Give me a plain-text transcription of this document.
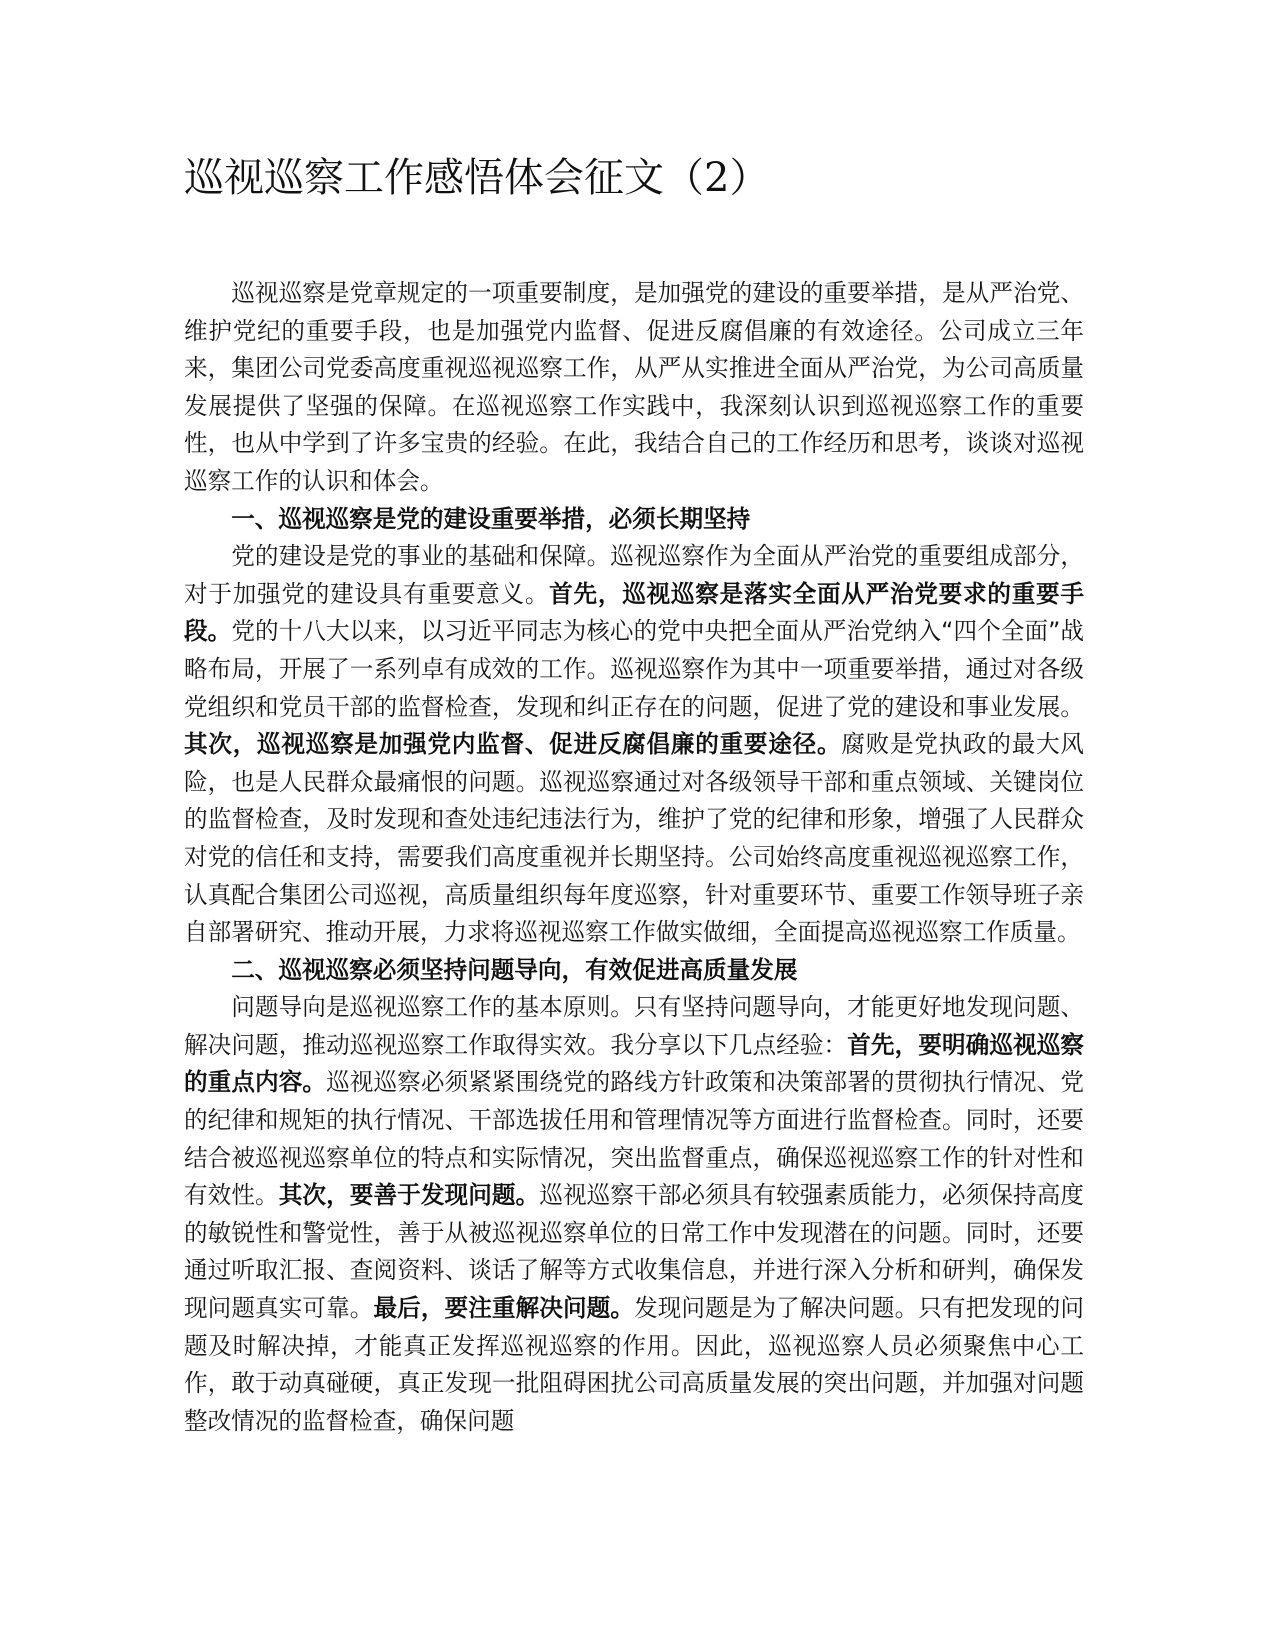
巡视巡察工作感悟体会征文（2）

巡视巡察是党章规定的一项重要制度，是加强党的建设的重要举措，是从严治党、维护党纪的重要手段，也是加强党内监督、促进反腐倡廉的有效途径。公司成立三年来，集团公司党委高度重视巡视巡察工作，从严从实推进全面从严治党，为公司高质量发展提供了坚强的保障。在巡视巡察工作实践中，我深刻认识到巡视巡察工作的重要性，也从中学到了许多宝贵的经验。在此，我结合自己的工作经历和思考，谈谈对巡视巡察工作的认识和体会。

一、巡视巡察是党的建设重要举措，必须长期坚持

党的建设是党的事业的基础和保障。巡视巡察作为全面从严治党的重要组成部分，对于加强党的建设具有重要意义。首先，巡视巡察是落实全面从严治党要求的重要手段。党的十八大以来，以习近平同志为核心的党中央把全面从严治党纳入“四个全面”战略布局，开展了一系列卓有成效的工作。巡视巡察作为其中一项重要举措，通过对各级党组织和党员干部的监督检查，发现和纠正存在的问题，促进了党的建设和事业发展。其次，巡视巡察是加强党内监督、促进反腐倡廉的重要途径。腐败是党执政的最大风险，也是人民群众最痛恨的问题。巡视巡察通过对各级领导干部和重点领域、关键岗位的监督检查，及时发现和查处违纪违法行为，维护了党的纪律和形象，增强了人民群众对党的信任和支持，需要我们高度重视并长期坚持。公司始终高度重视巡视巡察工作，认真配合集团公司巡视，高质量组织每年度巡察，针对重要环节、重要工作领导班子亲自部署研究、推动开展，力求将巡视巡察工作做实做细，全面提高巡视巡察工作质量。

二、巡视巡察必须坚持问题导向，有效促进高质量发展

问题导向是巡视巡察工作的基本原则。只有坚持问题导向，才能更好地发现问题、解决问题，推动巡视巡察工作取得实效。我分享以下几点经验：首先，要明确巡视巡察的重点内容。巡视巡察必须紧紧围绕党的路线方针政策和决策部署的贯彻执行情况、党的纪律和规矩的执行情况、干部选拔任用和管理情况等方面进行监督检查。同时，还要结合被巡视巡察单位的特点和实际情况，突出监督重点，确保巡视巡察工作的针对性和有效性。其次，要善于发现问题。巡视巡察干部必须具有较强素质能力，必须保持高度的敏锐性和警觉性，善于从被巡视巡察单位的日常工作中发现潜在的问题。同时，还要通过听取汇报、查阅资料、谈话了解等方式收集信息，并进行深入分析和研判，确保发现问题真实可靠。最后，要注重解决问题。发现问题是为了解决问题。只有把发现的问题及时解决掉，才能真正发挥巡视巡察的作用。因此，巡视巡察人员必须聚焦中心工作，敢于动真碰硬，真正发现一批阻碍困扰公司高质量发展的突出问题，并加强对问题整改情况的监督检查，确保问题
